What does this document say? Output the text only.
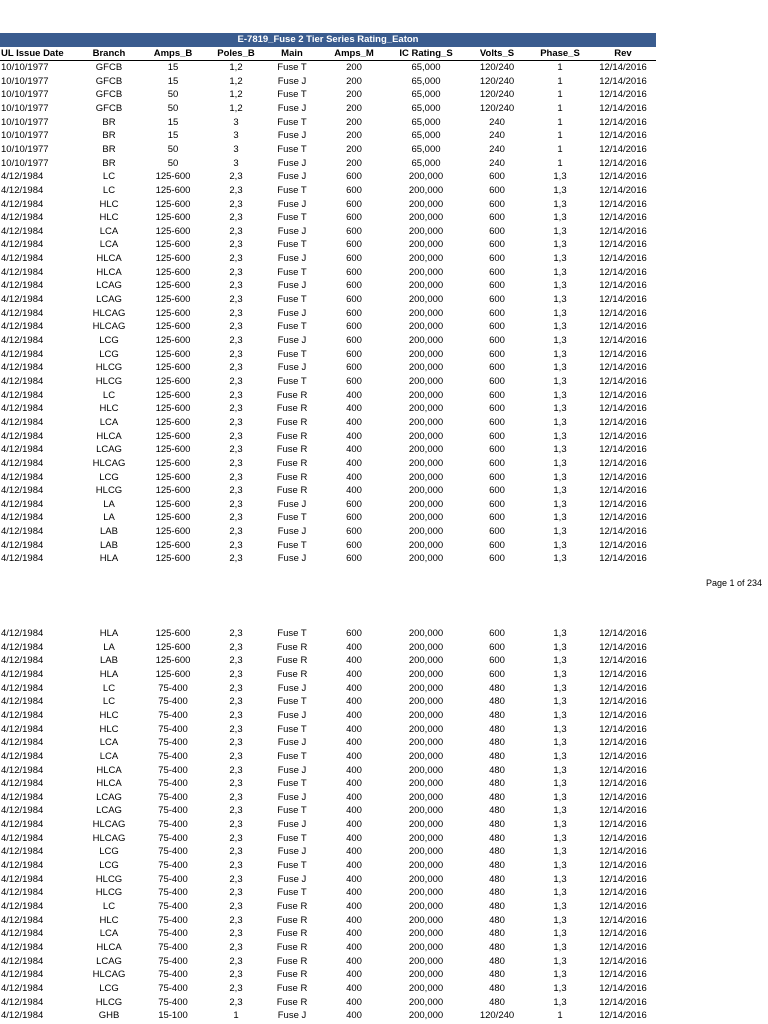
E-7819_Fuse 2 Tier Series Rating_Eaton
UL Issue Date	Branch	Amps_B	Poles_B	Main	Amps_M	IC Rating_S	Volts_S	Phase_S	Rev
10/10/1977	GFCB	15	1,2	Fuse T	200	65,000	120/240	1	12/14/2016
10/10/1977	GFCB	15	1,2	Fuse J	200	65,000	120/240	1	12/14/2016
10/10/1977	GFCB	50	1,2	Fuse T	200	65,000	120/240	1	12/14/2016
10/10/1977	GFCB	50	1,2	Fuse J	200	65,000	120/240	1	12/14/2016
10/10/1977	BR	15	3	Fuse T	200	65,000	240	1	12/14/2016
10/10/1977	BR	15	3	Fuse J	200	65,000	240	1	12/14/2016
10/10/1977	BR	50	3	Fuse T	200	65,000	240	1	12/14/2016
10/10/1977	BR	50	3	Fuse J	200	65,000	240	1	12/14/2016
4/12/1984	LC	125-600	2,3	Fuse J	600	200,000	600	1,3	12/14/2016
4/12/1984	LC	125-600	2,3	Fuse T	600	200,000	600	1,3	12/14/2016
4/12/1984	HLC	125-600	2,3	Fuse J	600	200,000	600	1,3	12/14/2016
4/12/1984	HLC	125-600	2,3	Fuse T	600	200,000	600	1,3	12/14/2016
4/12/1984	LCA	125-600	2,3	Fuse J	600	200,000	600	1,3	12/14/2016
4/12/1984	LCA	125-600	2,3	Fuse T	600	200,000	600	1,3	12/14/2016
4/12/1984	HLCA	125-600	2,3	Fuse J	600	200,000	600	1,3	12/14/2016
4/12/1984	HLCA	125-600	2,3	Fuse T	600	200,000	600	1,3	12/14/2016
4/12/1984	LCAG	125-600	2,3	Fuse J	600	200,000	600	1,3	12/14/2016
4/12/1984	LCAG	125-600	2,3	Fuse T	600	200,000	600	1,3	12/14/2016
4/12/1984	HLCAG	125-600	2,3	Fuse J	600	200,000	600	1,3	12/14/2016
4/12/1984	HLCAG	125-600	2,3	Fuse T	600	200,000	600	1,3	12/14/2016
4/12/1984	LCG	125-600	2,3	Fuse J	600	200,000	600	1,3	12/14/2016
4/12/1984	LCG	125-600	2,3	Fuse T	600	200,000	600	1,3	12/14/2016
4/12/1984	HLCG	125-600	2,3	Fuse J	600	200,000	600	1,3	12/14/2016
4/12/1984	HLCG	125-600	2,3	Fuse T	600	200,000	600	1,3	12/14/2016
4/12/1984	LC	125-600	2,3	Fuse R	400	200,000	600	1,3	12/14/2016
4/12/1984	HLC	125-600	2,3	Fuse R	400	200,000	600	1,3	12/14/2016
4/12/1984	LCA	125-600	2,3	Fuse R	400	200,000	600	1,3	12/14/2016
4/12/1984	HLCA	125-600	2,3	Fuse R	400	200,000	600	1,3	12/14/2016
4/12/1984	LCAG	125-600	2,3	Fuse R	400	200,000	600	1,3	12/14/2016
4/12/1984	HLCAG	125-600	2,3	Fuse R	400	200,000	600	1,3	12/14/2016
4/12/1984	LCG	125-600	2,3	Fuse R	400	200,000	600	1,3	12/14/2016
4/12/1984	HLCG	125-600	2,3	Fuse R	400	200,000	600	1,3	12/14/2016
4/12/1984	LA	125-600	2,3	Fuse J	600	200,000	600	1,3	12/14/2016
4/12/1984	LA	125-600	2,3	Fuse T	600	200,000	600	1,3	12/14/2016
4/12/1984	LAB	125-600	2,3	Fuse J	600	200,000	600	1,3	12/14/2016
4/12/1984	LAB	125-600	2,3	Fuse T	600	200,000	600	1,3	12/14/2016
4/12/1984	HLA	125-600	2,3	Fuse J	600	200,000	600	1,3	12/14/2016
Page 1 of 234
4/12/1984	HLA	125-600	2,3	Fuse T	600	200,000	600	1,3	12/14/2016
4/12/1984	LA	125-600	2,3	Fuse R	400	200,000	600	1,3	12/14/2016
4/12/1984	LAB	125-600	2,3	Fuse R	400	200,000	600	1,3	12/14/2016
4/12/1984	HLA	125-600	2,3	Fuse R	400	200,000	600	1,3	12/14/2016
4/12/1984	LC	75-400	2,3	Fuse J	400	200,000	480	1,3	12/14/2016
4/12/1984	LC	75-400	2,3	Fuse T	400	200,000	480	1,3	12/14/2016
4/12/1984	HLC	75-400	2,3	Fuse J	400	200,000	480	1,3	12/14/2016
4/12/1984	HLC	75-400	2,3	Fuse T	400	200,000	480	1,3	12/14/2016
4/12/1984	LCA	75-400	2,3	Fuse J	400	200,000	480	1,3	12/14/2016
4/12/1984	LCA	75-400	2,3	Fuse T	400	200,000	480	1,3	12/14/2016
4/12/1984	HLCA	75-400	2,3	Fuse J	400	200,000	480	1,3	12/14/2016
4/12/1984	HLCA	75-400	2,3	Fuse T	400	200,000	480	1,3	12/14/2016
4/12/1984	LCAG	75-400	2,3	Fuse J	400	200,000	480	1,3	12/14/2016
4/12/1984	LCAG	75-400	2,3	Fuse T	400	200,000	480	1,3	12/14/2016
4/12/1984	HLCAG	75-400	2,3	Fuse J	400	200,000	480	1,3	12/14/2016
4/12/1984	HLCAG	75-400	2,3	Fuse T	400	200,000	480	1,3	12/14/2016
4/12/1984	LCG	75-400	2,3	Fuse J	400	200,000	480	1,3	12/14/2016
4/12/1984	LCG	75-400	2,3	Fuse T	400	200,000	480	1,3	12/14/2016
4/12/1984	HLCG	75-400	2,3	Fuse J	400	200,000	480	1,3	12/14/2016
4/12/1984	HLCG	75-400	2,3	Fuse T	400	200,000	480	1,3	12/14/2016
4/12/1984	LC	75-400	2,3	Fuse R	400	200,000	480	1,3	12/14/2016
4/12/1984	HLC	75-400	2,3	Fuse R	400	200,000	480	1,3	12/14/2016
4/12/1984	LCA	75-400	2,3	Fuse R	400	200,000	480	1,3	12/14/2016
4/12/1984	HLCA	75-400	2,3	Fuse R	400	200,000	480	1,3	12/14/2016
4/12/1984	LCAG	75-400	2,3	Fuse R	400	200,000	480	1,3	12/14/2016
4/12/1984	HLCAG	75-400	2,3	Fuse R	400	200,000	480	1,3	12/14/2016
4/12/1984	LCG	75-400	2,3	Fuse R	400	200,000	480	1,3	12/14/2016
4/12/1984	HLCG	75-400	2,3	Fuse R	400	200,000	480	1,3	12/14/2016
4/12/1984	GHB	15-100	1	Fuse J	400	200,000	120/240	1	12/14/2016
